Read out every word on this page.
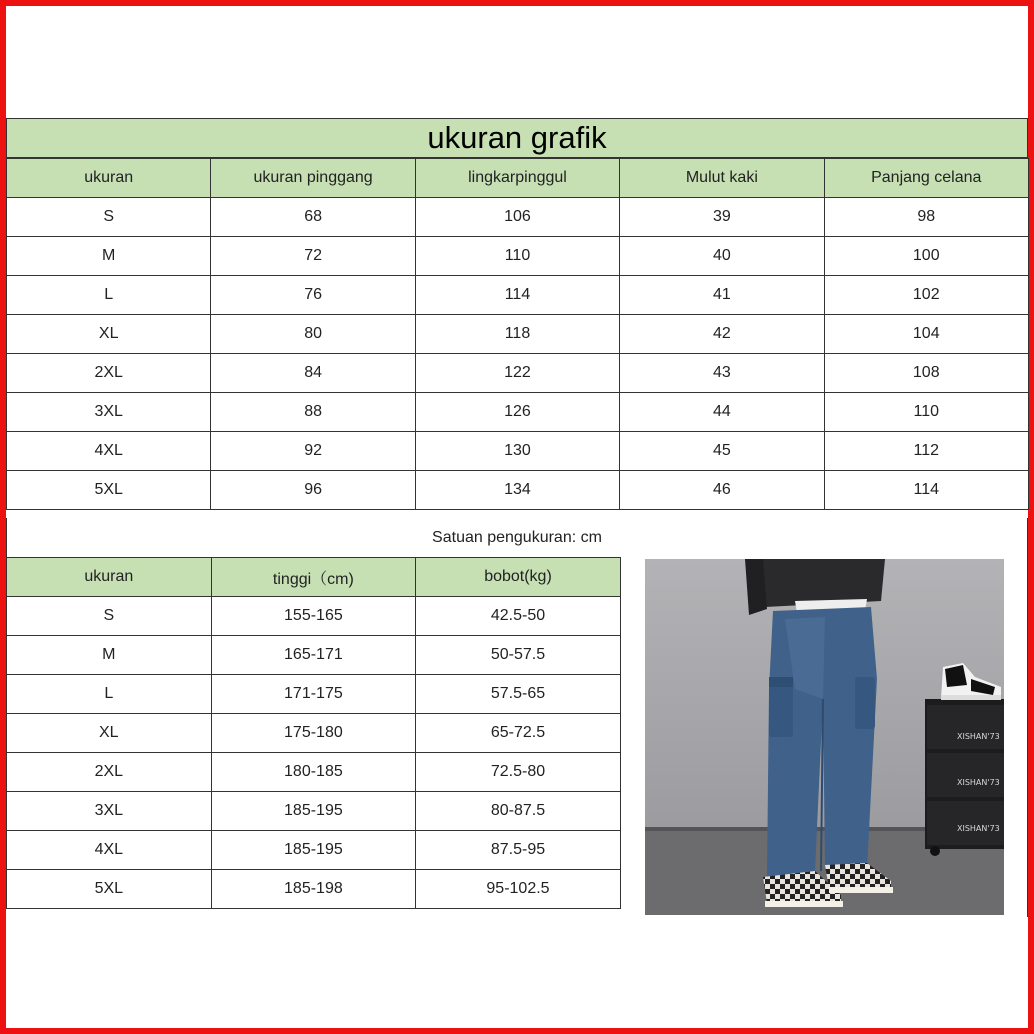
ukuran grafik
ukuran	ukuran pinggang	lingkarpinggul	Mulut kaki	Panjang celana
S	68	106	39	98
M	72	110	40	100
L	76	114	41	102
XL	80	118	42	104
2XL	84	122	43	108
3XL	88	126	44	110
4XL	92	130	45	112
5XL	96	134	46	114
Satuan pengukuran: cm
ukuran	tinggi（cm)	bobot(kg)
S	155-165	42.5-50
M	165-171	50-57.5
L	171-175	57.5-65
XL	175-180	65-72.5
2XL	180-185	72.5-80
3XL	185-195	80-87.5
4XL	185-195	87.5-95
5XL	185-198	95-102.5
XISHAN'73
XISHAN'73
XISHAN'73
